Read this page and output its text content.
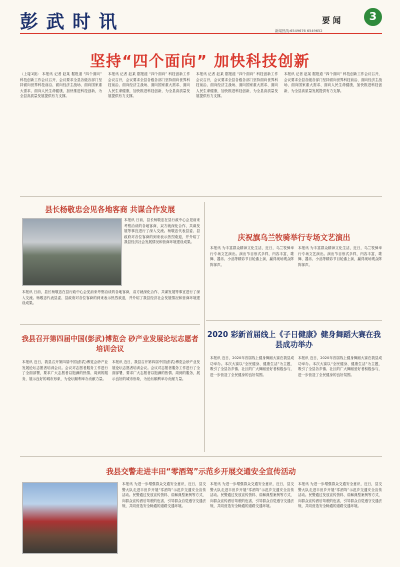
彭 武 时 讯	要 闻	3
新闻热线:6549676 6549652
坚持“四个面向” 加快科技创新
（上接1版） 本报讯 记者 赵某 据报道 “四个面向” 科技创新工作会议召开，会议要求全县各级各部门坚持面向世界科技前沿、面向经济主战场、面向国家重大需求、面向人民生命健康，加快推进科技创新，为全县高质量发展提供有力支撑。
本报讯 记者 赵某 据报道 “四个面向” 科技创新工作会议召开，会议要求全县各级各部门坚持面向世界科技前沿、面向经济主战场、面向国家重大需求、面向人民生命健康，加快推进科技创新，为全县高质量发展提供有力支撑。
本报讯 记者 赵某 据报道 “四个面向” 科技创新工作会议召开，会议要求全县各级各部门坚持面向世界科技前沿、面向经济主战场、面向国家重大需求、面向人民生命健康，加快推进科技创新，为全县高质量发展提供有力支撑。
本报讯 记者 赵某 据报道 “四个面向” 科技创新工作会议召开，会议要求全县各级各部门坚持面向世界科技前沿、面向经济主战场、面向国家重大需求、面向人民生命健康，加快推进科技创新，为全县高质量发展提供有力支撑。
县长杨敬忠会见各地客商 共谋合作发展
本报讯 日前，县长杨敬忠在县行政中心会见前来考察洽谈的各地客商，双方就深化合作、共谋发展等事宜进行了深入交流。杨敬忠代表县委、县政府对各位客商的到来表示热烈欢迎，并介绍了我县经济社会发展情况和营商环境建设成果。
本报讯 日前，县长杨敬忠在县行政中心会见前来考察洽谈的各地客商，双方就深化合作、共谋发展等事宜进行了深入交流。杨敬忠代表县委、县政府对各位客商的到来表示热烈欢迎，并介绍了我县经济社会发展情况和营商环境建设成果。
庆祝旗乌兰牧骑举行专场文艺演出
本报讯 为丰富群众精神文化生活，近日，乌兰牧骑举行专场文艺演出。演出节目形式多样，内容丰富，歌舞、器乐、小品等精彩节目轮番上演，赢得现场观众阵阵掌声。
本报讯 为丰富群众精神文化生活，近日，乌兰牧骑举行专场文艺演出。演出节目形式多样，内容丰富，歌舞、器乐、小品等精彩节目轮番上演，赢得现场观众阵阵掌声。
2020 彩新首届线上《子日健康》健身舞蹈大赛在我县成功举办
本报讯 近日，2020年首届线上健身舞蹈大赛在我县成功举办。本次大赛以“全民健身、健康生活”为主题，吸引了全县各乡镇、社区的广大舞蹈爱好者积极参与，进一步营造了全民健身的良好氛围。
本报讯 近日，2020年首届线上健身舞蹈大赛在我县成功举办。本次大赛以“全民健身、健康生活”为主题，吸引了全县各乡镇、社区的广大舞蹈爱好者积极参与，进一步营造了全民健身的良好氛围。
我县召开第四届中国(彭武)博览会 砂产业发展论坛志愿者培训会议
本报讯 近日，我县召开第四届中国(彭武)博览会砂产业发展论坛志愿者培训会议。会议对志愿者服务工作进行了全面部署，要求广大志愿者以饱满的热情、周到的服务，展示良好的城市形象，为论坛顺利举办贡献力量。
本报讯 近日，我县召开第四届中国(彭武)博览会砂产业发展论坛志愿者培训会议。会议对志愿者服务工作进行了全面部署，要求广大志愿者以饱满的热情、周到的服务，展示良好的城市形象，为论坛顺利举办贡献力量。
我县交警走进丰田“零酒驾”示范乡开展交通安全宣传活动
本报讯 为进一步增强群众交通安全意识，近日，县交警大队走进丰田乡开展“零酒驾”示范乡交通安全宣传活动。民警通过发放宣传资料、讲解典型案例等方式，向群众宣传酒后驾驶的危害，引导群众自觉遵守交通法规，共同营造安全畅通的道路交通环境。
本报讯 为进一步增强群众交通安全意识，近日，县交警大队走进丰田乡开展“零酒驾”示范乡交通安全宣传活动。民警通过发放宣传资料、讲解典型案例等方式，向群众宣传酒后驾驶的危害，引导群众自觉遵守交通法规，共同营造安全畅通的道路交通环境。
本报讯 为进一步增强群众交通安全意识，近日，县交警大队走进丰田乡开展“零酒驾”示范乡交通安全宣传活动。民警通过发放宣传资料、讲解典型案例等方式，向群众宣传酒后驾驶的危害，引导群众自觉遵守交通法规，共同营造安全畅通的道路交通环境。
